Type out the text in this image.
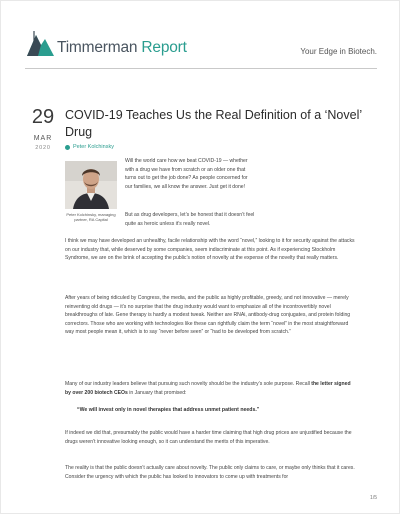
Timmerman Report	Your Edge in Biotech.
29
MAR
2020
COVID-19 Teaches Us the Real Definition of a ‘Novel’ Drug
Peter Kolchinsky
Peter Kolchinsky, managing partner, RA Capital
Will the world care how we beat COVID-19 — whether with a drug we have from scratch or an older one that turns out to get the job done? As people concerned for our families, we all know the answer. Just get it done!
But as drug developers, let’s be honest that it doesn’t feel quite as heroic unless it’s really novel.
I think we may have developed an unhealthy, facile relationship with the word “novel,” looking to it for security against the attacks on our industry that, while deserved by some companies, seem indiscriminate at this point. As if experiencing Stockholm Syndrome, we are on the brink of accepting the public’s notion of novelty at the expense of the novelty that really matters.
After years of being ridiculed by Congress, the media, and the public as highly profitable, greedy, and not innovative — merely reinventing old drugs — it’s no surprise that the drug industry would want to emphasize all of the incontrovertibly novel breakthroughs of late. Gene therapy is hardly a modest tweak. Neither are RNAi, antibody-drug conjugates, and protein folding correctors. Those who are working with technologies like these can rightfully claim the term “novel” in the most straightforward way most people mean it, which is to say “never before seen” or “had to be developed from scratch.”
Many of our industry leaders believe that pursuing such novelty should be the industry’s sole purpose. Recall the letter signed by over 200 biotech CEOs in January that promised:
“We will invest only in novel therapies that address unmet patient needs.”
If indeed we did that, presumably the public would have a harder time claiming that high drug prices are unjustified because the drugs weren’t innovative looking enough, so it can understand the merits of this imperative.
The reality is that the public doesn’t actually care about novelty. The public only claims to care, or maybe only thinks that it cares. Consider the urgency with which the public has looked to innovators to come up with treatments for
1/5
